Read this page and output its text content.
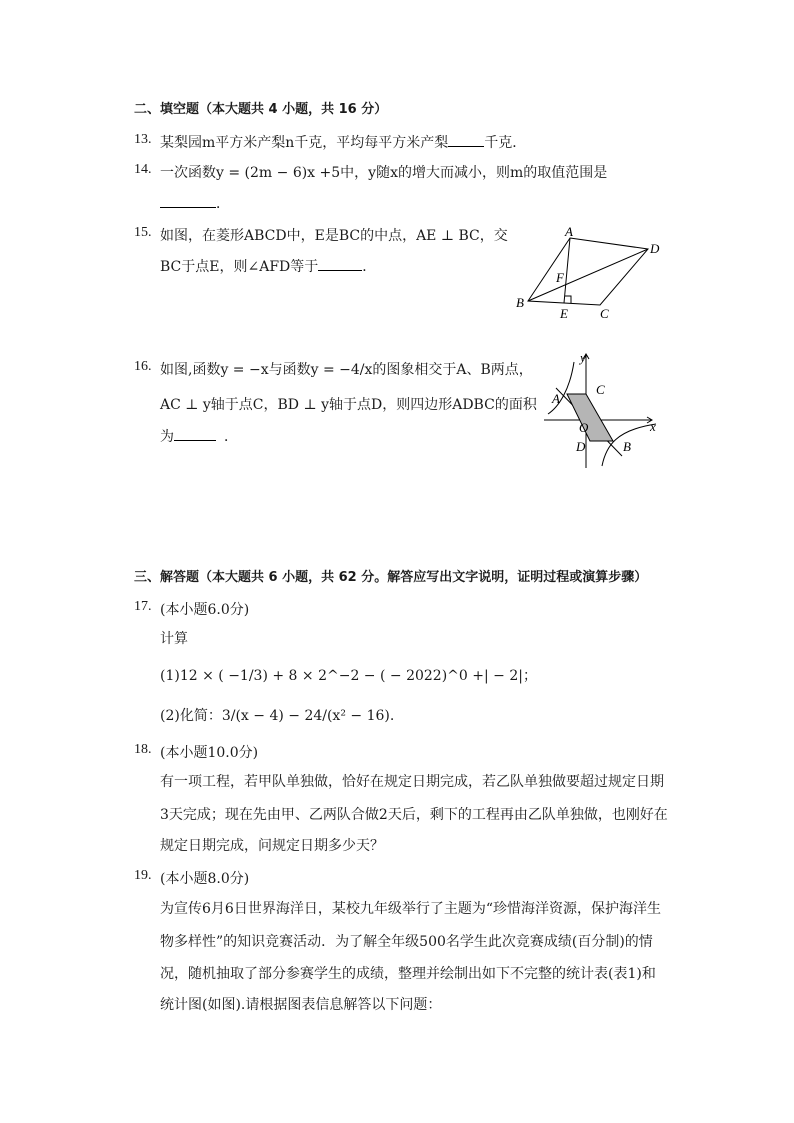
二、填空题（本大题共 4 小题，共 16 分）
13. 某梨园m平方米产梨n千克，平均每平方米产梨	千克．
14. 一次函数y = (2m − 6)x +5中，y随x的增大而减小，则m的取值范围是
．
15. 如图，在菱形ABCD中，E是BC的中点，AE ⊥ BC，交
BC于点E，则∠AFD等于	．
A
D
F
B
E C
16. 如图,函数y = −x与函数y = −4/x的图象相交于A、B两点，
AC ⊥ y轴于点C，BD ⊥ y轴于点D，则四边形ADBC的面积
为	．
y
C
A
O	x
D	B
三、解答题（本大题共 6 小题，共 62 分。解答应写出文字说明，证明过程或演算步骤）
17. (本小题6.0分)
计算
(1)12 × ( −1/3) + 8 × 2^−2 − ( − 2022)^0 +| − 2|；
(2)化简：3/(x − 4) − 24/(x² − 16).
18. (本小题10.0分)
有一项工程，若甲队单独做，恰好在规定日期完成，若乙队单独做要超过规定日期
3天完成；现在先由甲、乙两队合做2天后，剩下的工程再由乙队单独做，也刚好在
规定日期完成，问规定日期多少天？
19. (本小题8.0分)
为宣传6月6日世界海洋日，某校九年级举行了主题为“珍惜海洋资源，保护海洋生
物多样性”的知识竞赛活动．为了解全年级500名学生此次竞赛成绩(百分制)的情
况，随机抽取了部分参赛学生的成绩，整理并绘制出如下不完整的统计表(表1)和
统计图(如图).请根据图表信息解答以下问题：
